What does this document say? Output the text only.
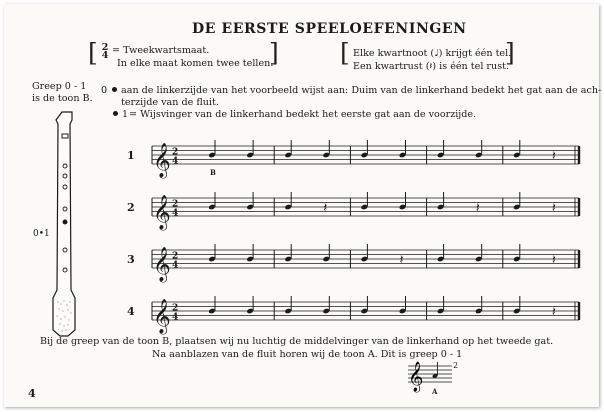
DE EERSTE SPEELOEFENINGEN
[ 2
4 = Tweekwartsmaat.
In elke maat komen twee tellen.
] [ Elke kwartnoot (♩) krijgt één tel.
Een kwartrust (𝄽) is één tel rust.
]
Greep 0 - 1
is de toon B.
0	aan de linkerzijde van het voorbeeld wijst aan: Duim van de linkerhand bedekt het gat aan de ach-
terzijde van de fluit.
1 = Wijsvinger van de linkerhand bedekt het eerste gat aan de voorzijde.
0•1
1 𝄞 2
4	𝄽
B
2 𝄞 2
4	𝄽	𝄽	𝄽
3 𝄞 2
4	𝄽	𝄽
4 𝄞 2
4	𝄽
Bij de greep van de toon B, plaatsen wij nu luchtig de middelvinger van de linkerhand op het tweede gat.
Na aanblazen van de fluit horen wij de toon A. Dit is greep 0 - 1
2
𝄞 A
4
